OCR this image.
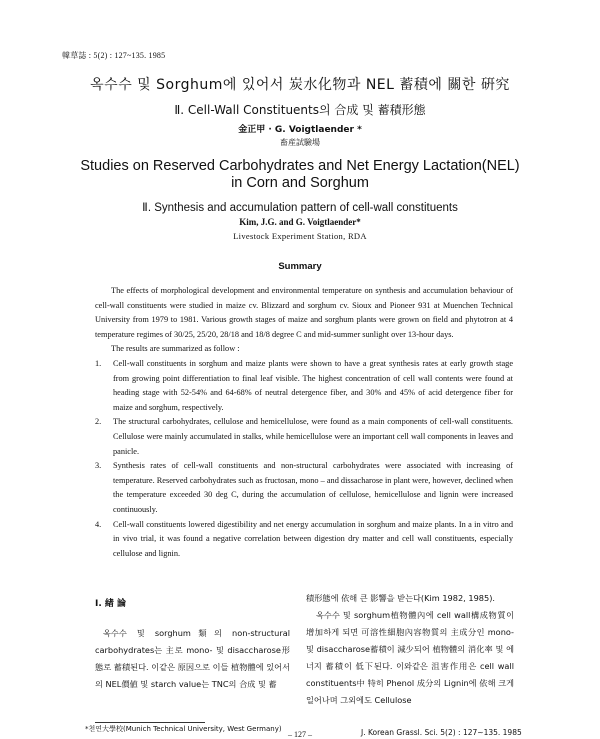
韓草誌 : 5(2) : 127~135. 1985
옥수수 및 Sorghum에 있어서 炭水化物과 NEL 蓄積에 關한 硏究
Ⅱ. Cell-Wall Constituents의 合成 및 蓄積形態
金正甲 · G. Voigtlaender *
畜産試驗場
Studies on Reserved Carbohydrates and Net Energy Lactation(NEL)
in Corn and Sorghum
Ⅱ. Synthesis and accumulation pattern of cell-wall constituents
Kim, J.G. and G. Voigtlaender*
Livestock Experiment Station, RDA
Summary

The effects of morphological development and environmental temperature on synthesis and accumulation behaviour of cell-wall constituents were studied in maize cv. Blizzard and sorghum cv. Sioux and Pioneer 931 at Muenchen Technical University from 1979 to 1981. Various growth stages of maize and sorghum plants were grown on field and phytotron at 4 temperature regimes of 30/25, 25/20, 28/18 and 18/8 degree C and mid-summer sunlight over 13-hour days.

The results are summarized as follow :

1. Cell-wall constituents in sorghum and maize plants were shown to have a great synthesis rates at early growth stage from growing point differentiation to final leaf visible. The highest concentration of cell wall contents were found at heading stage with 52-54% and 64-68% of neutral detergence fiber, and 30% and 45% of acid detergence fiber for maize and sorghum, respectively.
2. The structural carbohydrates, cellulose and hemicellulose, were found as a main components of cell-wall constituents. Cellulose were mainly accumulated in stalks, while hemicellulose were an important cell wall components in leaves and panicle.
3. Synthesis rates of cell-wall constituents and non-structural carbohydrates were associated with increasing of temperature. Reserved carbohydrates such as fructosan, mono – and dissacharose in plant were, however, declined when the temperature exceeded 30 deg C, during the accumulation of cellulose, hemicellulose and lignin were increased continuously.
4. Cell-wall constituents lowered digestibility and net energy accumulation in sorghum and maize plants. In a in vitro and in vivo trial, it was found a negative correlation between digestion dry matter and cell wall constituents, especially cellulose and lignin.
Ⅰ. 緖 論

옥수수 및 sorghum類의 non-structural carbohydrates는 主로 mono- 및 disaccharose形態로 蓄積된다. 이같은 原因으로 이들 植物體에 있어서의 NEL價値 및 starch value는 TNC의 合成 및 蓄

積形態에 依해 큰 影響을 받는다(Kim 1982, 1985).

옥수수 및 sorghum植物體內에 cell wall構成物質이 增加하게 되면 可溶性細胞內容物質의 主成分인 mono- 및 disaccharose蓄積이 減少되어 植物體의 消化率 및 에너지 蓄積이 低下된다. 이와같은 沮害作用은 cell wall constituents中 特히 Phenol 成分의 Lignin에 依해 크게 일어나며 그외에도 Cellulose

*천연大學校(Munich Technical University, West Germany)
– 127 –	J. Korean Grassl. Sci. 5(2) : 127~135. 1985
